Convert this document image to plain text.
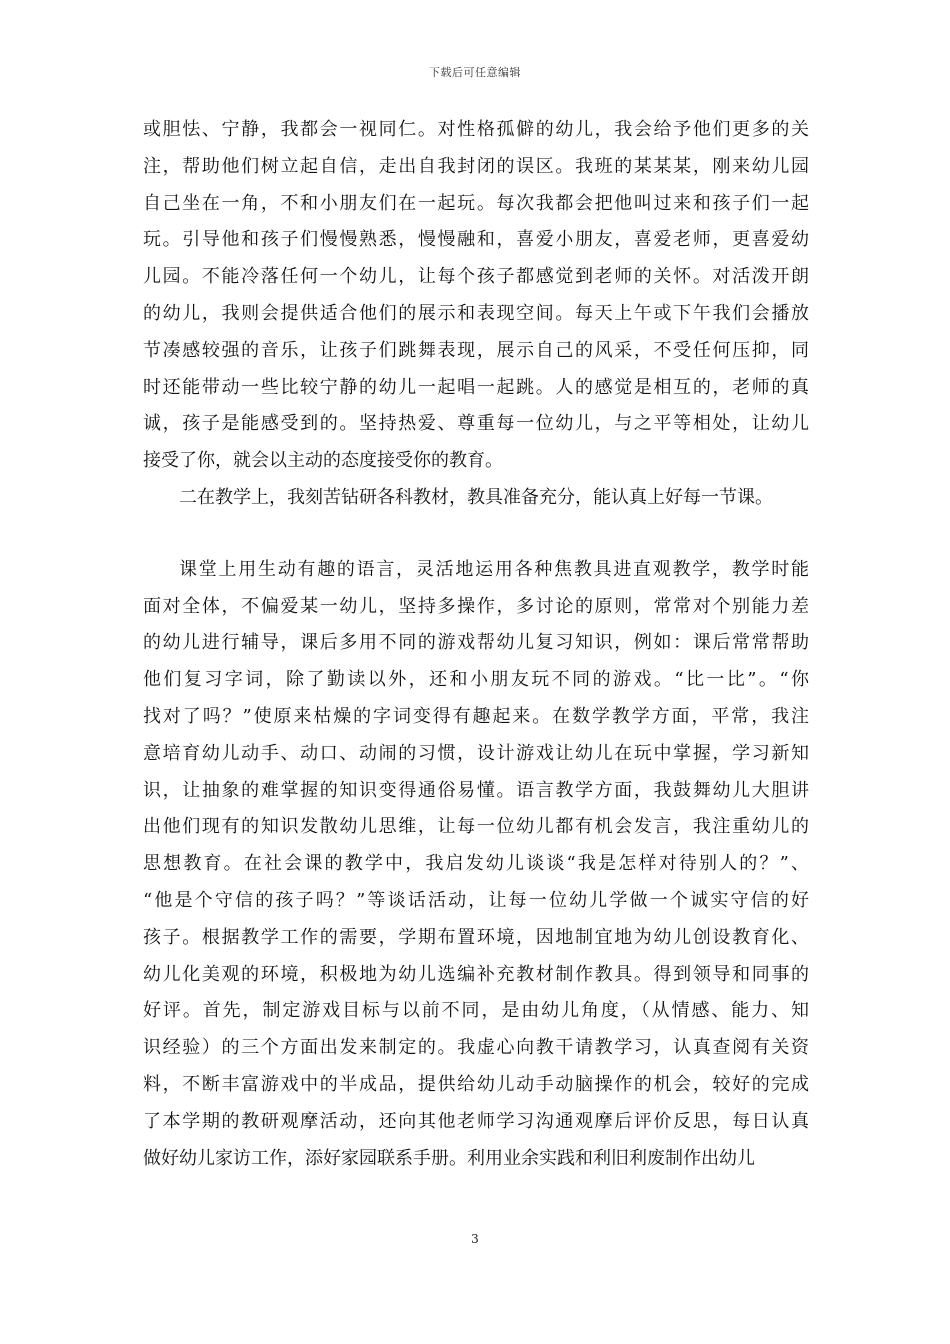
下载后可任意编辑
或胆怯、宁静，我都会一视同仁。对性格孤僻的幼儿，我会给予他们更多的关
注，帮助他们树立起自信，走出自我封闭的误区。我班的某某某，刚来幼儿园
自己坐在一角，不和小朋友们在一起玩。每次我都会把他叫过来和孩子们一起
玩。引导他和孩子们慢慢熟悉，慢慢融和，喜爱小朋友，喜爱老师，更喜爱幼
儿园。不能冷落任何一个幼儿，让每个孩子都感觉到老师的关怀。对活泼开朗
的幼儿，我则会提供适合他们的展示和表现空间。每天上午或下午我们会播放
节凑感较强的音乐，让孩子们跳舞表现，展示自己的风采，不受任何压抑，同
时还能带动一些比较宁静的幼儿一起唱一起跳。人的感觉是相互的，老师的真
诚，孩子是能感受到的。坚持热爱、尊重每一位幼儿，与之平等相处，让幼儿
接受了你，就会以主动的态度接受你的教育。
二在教学上，我刻苦钻研各科教材，教具准备充分，能认真上好每一节课。
课堂上用生动有趣的语言，灵活地运用各种焦教具进直观教学，教学时能
面对全体，不偏爱某一幼儿，坚持多操作，多讨论的原则，常常对个别能力差
的幼儿进行辅导，课后多用不同的游戏帮幼儿复习知识，例如：课后常常帮助
他们复习字词，除了勤读以外，还和小朋友玩不同的游戏。“比一比”。“你
找对了吗？”使原来枯燥的字词变得有趣起来。在数学教学方面，平常，我注
意培育幼儿动手、动口、动闹的习惯，设计游戏让幼儿在玩中掌握，学习新知
识，让抽象的难掌握的知识变得通俗易懂。语言教学方面，我鼓舞幼儿大胆讲
出他们现有的知识发散幼儿思维，让每一位幼儿都有机会发言，我注重幼儿的
思想教育。在社会课的教学中，我启发幼儿谈谈“我是怎样对待别人的？”、
“他是个守信的孩子吗？”等谈话活动，让每一位幼儿学做一个诚实守信的好
孩子。根据教学工作的需要，学期布置环境，因地制宜地为幼儿创设教育化、
幼儿化美观的环境，积极地为幼儿选编补充教材制作教具。得到领导和同事的
好评。首先，制定游戏目标与以前不同，是由幼儿角度，（从情感、能力、知
识经验）的三个方面出发来制定的。我虚心向教干请教学习，认真查阅有关资
料，不断丰富游戏中的半成品，提供给幼儿动手动脑操作的机会，较好的完成
了本学期的教研观摩活动，还向其他老师学习沟通观摩后评价反思，每日认真
做好幼儿家访工作，添好家园联系手册。利用业余实践和利旧利废制作出幼儿
3
